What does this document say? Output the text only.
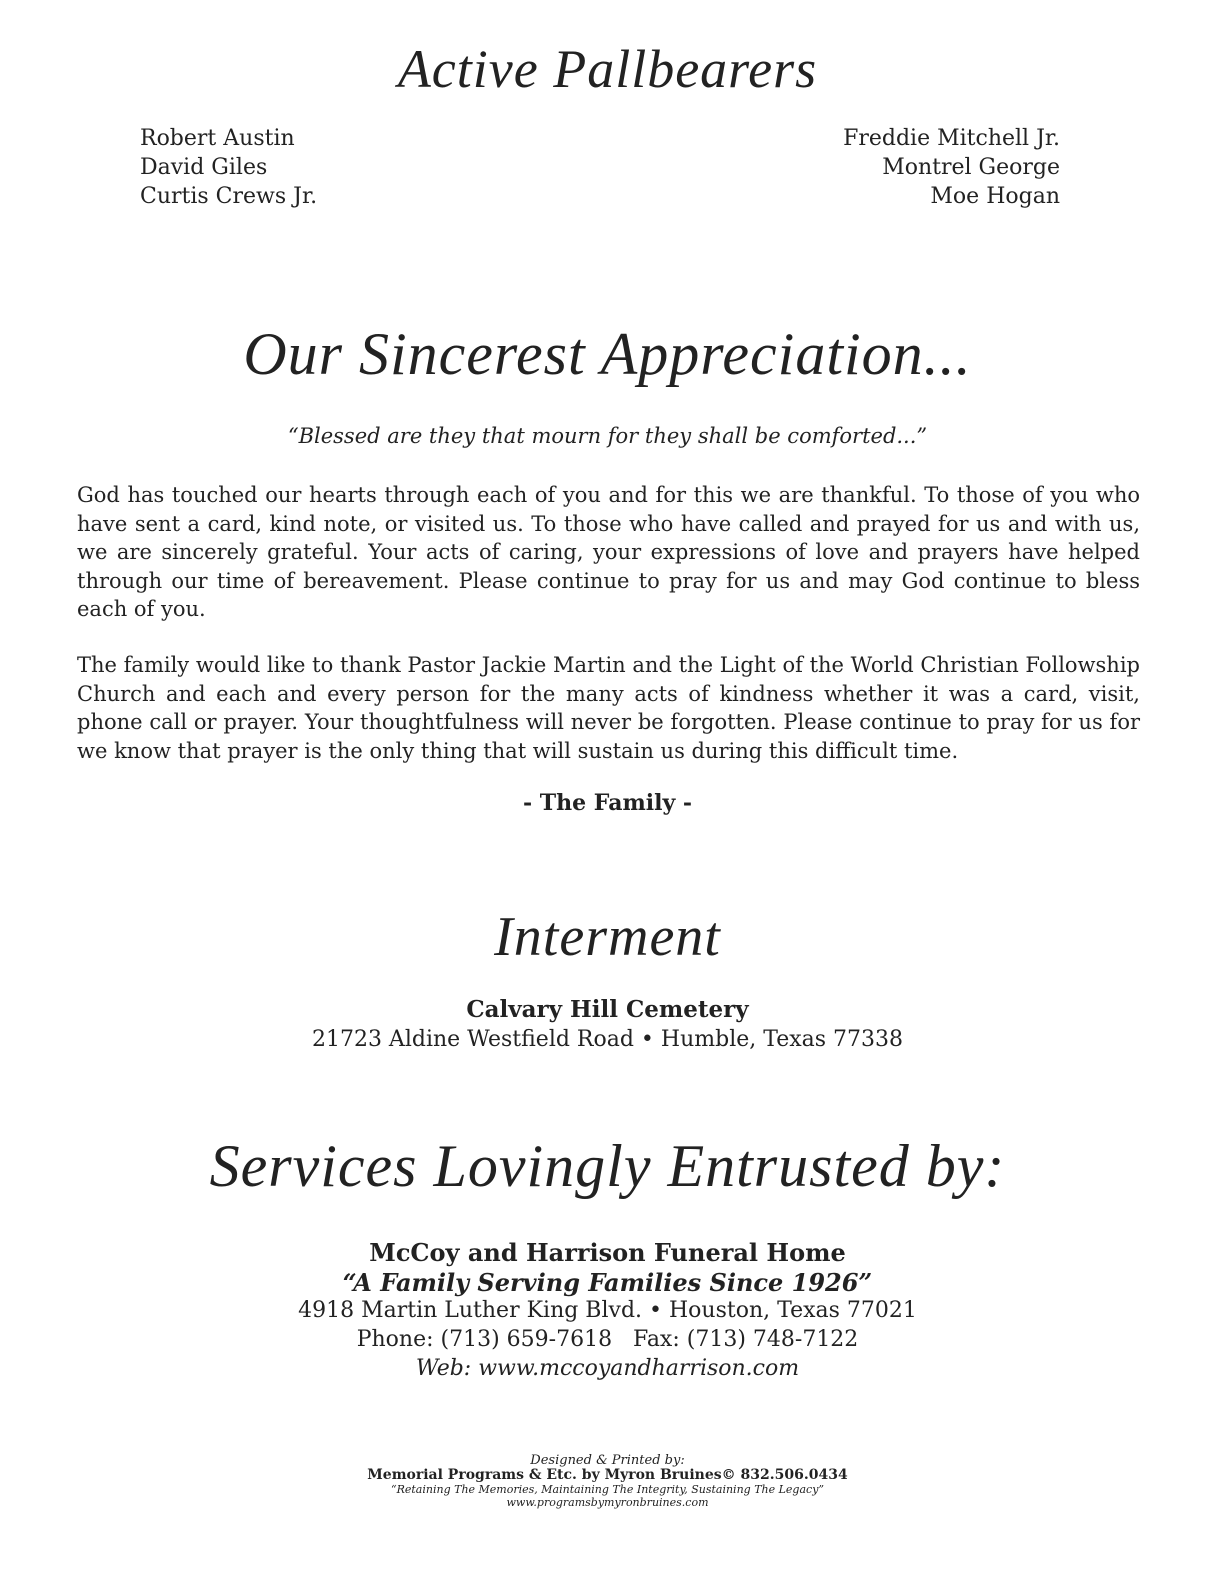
Active Pallbearers
Robert Austin
David Giles
Curtis Crews Jr.
Freddie Mitchell Jr.
Montrel George
Moe Hogan
Our Sincerest Appreciation...
“Blessed are they that mourn for they shall be comforted...”

God has touched our hearts through each of you and for this we are thankful. To those of you who have sent a card, kind note, or visited us. To those who have called and prayed for us and with us, we are sincerely grateful. Your acts of caring, your expressions of love and prayers have helped through our time of bereavement. Please continue to pray for us and may God continue to bless each of you.

The family would like to thank Pastor Jackie Martin and the Light of the World Christian Followship Church and each and every person for the many acts of kindness whether it was a card, visit, phone call or prayer. Your thoughtfulness will never be forgotten. Please continue to pray for us for we know that prayer is the only thing that will sustain us during this difficult time.

- The Family -
Interment
Calvary Hill Cemetery
21723 Aldine Westfield Road • Humble, Texas 77338
Services Lovingly Entrusted by:
McCoy and Harrison Funeral Home
“A Family Serving Families Since 1926”
4918 Martin Luther King Blvd. • Houston, Texas 77021
Phone: (713) 659-7618   Fax: (713) 748-7122
Web: www.mccoyandharrison.com
Designed & Printed by:
Memorial Programs & Etc. by Myron Bruines© 832.506.0434
“Retaining The Memories, Maintaining The Integrity, Sustaining The Legacy”
www.programsbymyronbruines.com
